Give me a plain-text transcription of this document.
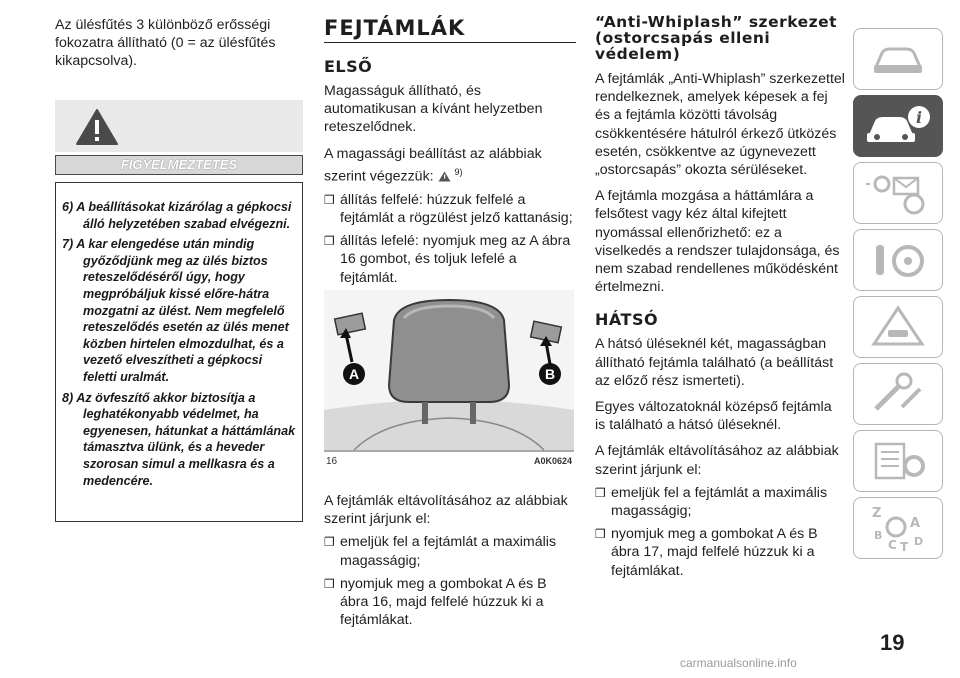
Az ülésfűtés 3 különböző erősségi fokozatra állítható (0 = az ülésfűtés kikapcsolva).

FIGYELMEZTETÉS

6) A beállításokat kizárólag a gépkocsi álló helyzetében szabad elvégezni.

7) A kar elengedése után mindig győződjünk meg az ülés biztos reteszelődéséről úgy, hogy megpróbáljuk kissé előre-hátra mozgatni az ülést. Nem megfelelő reteszelődés esetén az ülés menet közben hirtelen elmozdulhat, és a vezető elveszítheti a gépkocsi feletti uralmát.

8) Az övfeszítő akkor biztosítja a leghatékonyabb védelmet, ha egyenesen, hátunkat a háttámlának támasztva ülünk, és a heveder szorosan simul a mellkasra és a medencére.

FEJTÁMLÁK
ELSŐ

Magasságuk állítható, és automatikusan a kívánt helyzetben reteszelődnek.

A magassági beállítást az alábbiak szerint végezzük: $^{9)}$

❒ állítás felfelé: húzzuk felfelé a fejtámlát a rögzülést jelző kattanásig;
❒ állítás lefelé: nyomjuk meg az A ábra 16 gombot, és toljuk lefelé a fejtámlát.
A	B
16	A0K0624

A fejtámlák eltávolításához az alábbiak szerint járjunk el:

❒ emeljük fel a fejtámlát a maximális magasságig;
❒ nyomjuk meg a gombokat A és B ábra 16, majd felfelé húzzuk ki a fejtámlákat.
“Anti-Whiplash” szerkezet (ostorcsapás elleni védelem)

A fejtámlák „Anti-Whiplash” szerkezettel rendelkeznek, amelyek képesek a fej és a fejtámla közötti távolság csökkentésére hátulról érkező ütközés esetén, csökkentve az úgynevezett „ostorcsapás” okozta sérüléseket.

A fejtámla mozgása a háttámlára a felsőtest vagy kéz által kifejtett nyomással ellenőrizhető: ez a viselkedés a rendszer tulajdonsága, és nem szabad rendellenes működésként értelmezni.

HÁTSÓ

A hátsó üléseknél két, magasságban állítható fejtámla található (a beállítást az előző rész ismerteti).

Egyes változatoknál középső fejtámla is található a hátsó üléseknél.

A fejtámlák eltávolításához az alábbiak szerint járjunk el:

❒ emeljük fel a fejtámlát a maximális magasságig;
❒ nyomjuk meg a gombokat A és B ábra 17, majd felfelé húzzuk ki a fejtámlákat.
i
Z
A
B
C T D
19
carmanualsonline.info
